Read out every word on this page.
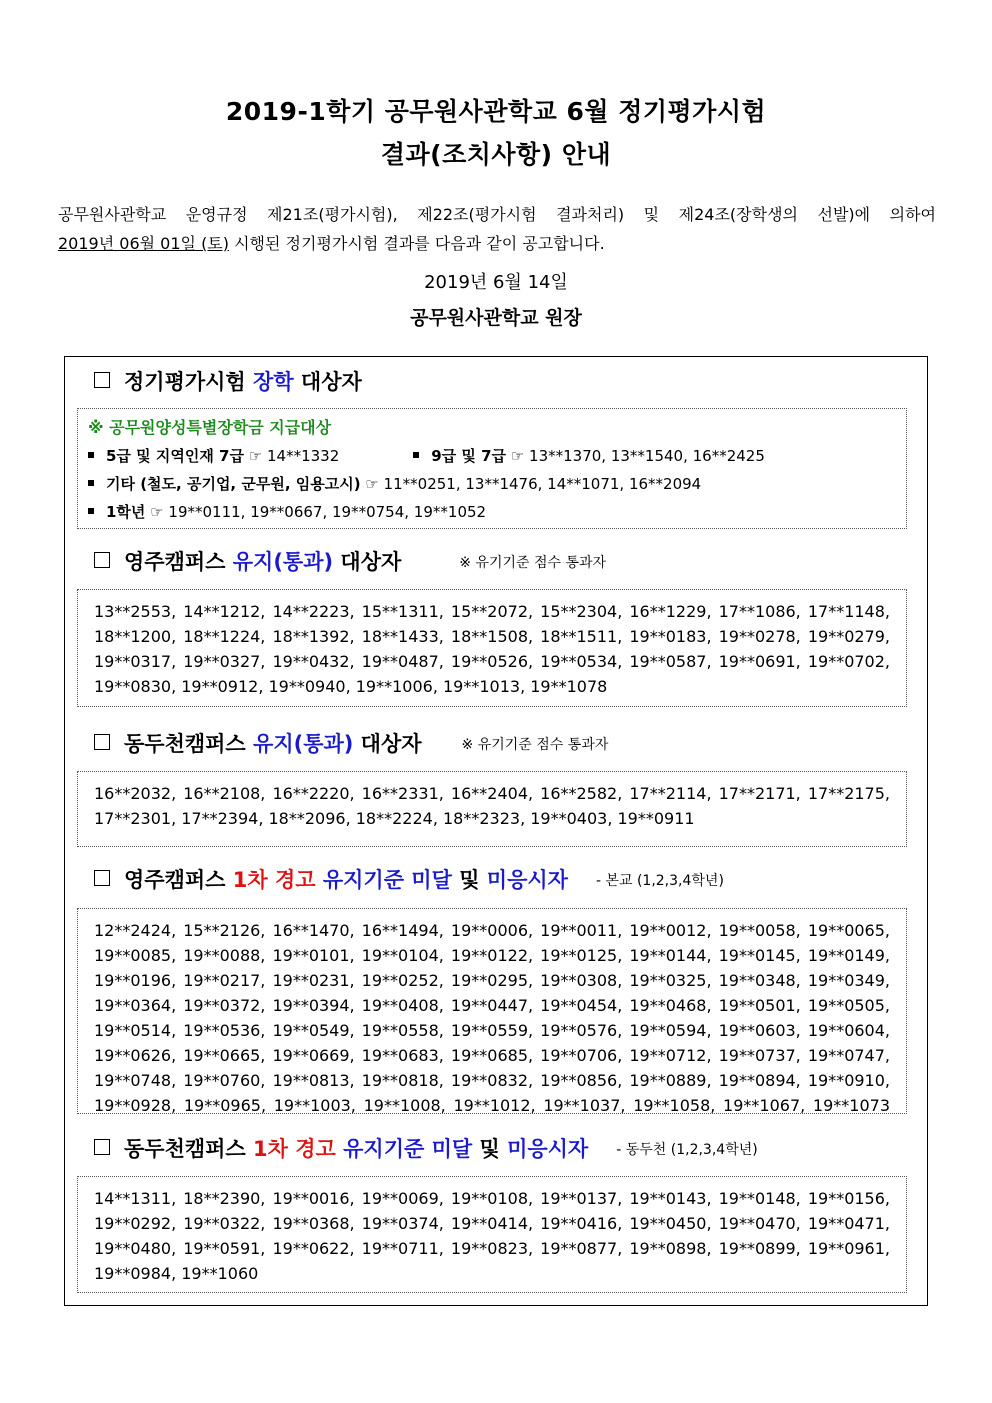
2019-1학기 공무원사관학교 6월 정기평가시험
결과(조치사항) 안내
공무원사관학교 운영규정 제21조(평가시험), 제22조(평가시험 결과처리) 및 제24조(장학생의 선발)에 의하여
2019년 06월 01일 (토) 시행된 정기평가시험 결과를 다음과 같이 공고합니다.
2019년 6월 14일
공무원사관학교 원장
정기평가시험 장학 대상자
※ 공무원양성특별장학금 지급대상
5급 및 지역인재 7급 ☞ 14**1332	9급 및 7급 ☞ 13**1370, 13**1540, 16**2425
기타 (철도, 공기업, 군무원, 임용고시) ☞ 11**0251, 13**1476, 14**1071, 16**2094
1학년 ☞ 19**0111, 19**0667, 19**0754, 19**1052
영주캠퍼스 유지(통과) 대상자	※ 유기기준 점수 통과자
13**2553, 14**1212, 14**2223, 15**1311, 15**2072, 15**2304, 16**1229, 17**1086, 17**1148,
18**1200, 18**1224, 18**1392, 18**1433, 18**1508, 18**1511, 19**0183, 19**0278, 19**0279,
19**0317, 19**0327, 19**0432, 19**0487, 19**0526, 19**0534, 19**0587, 19**0691, 19**0702,
19**0830, 19**0912, 19**0940, 19**1006, 19**1013, 19**1078
동두천캠퍼스 유지(통과) 대상자	※ 유기기준 점수 통과자
16**2032, 16**2108, 16**2220, 16**2331, 16**2404, 16**2582, 17**2114, 17**2171, 17**2175,
17**2301, 17**2394, 18**2096, 18**2224, 18**2323, 19**0403, 19**0911
영주캠퍼스 1차 경고 유지기준 미달 및 미응시자 - 본교 (1,2,3,4학년)
12**2424, 15**2126, 16**1470, 16**1494, 19**0006, 19**0011, 19**0012, 19**0058, 19**0065,
19**0085, 19**0088, 19**0101, 19**0104, 19**0122, 19**0125, 19**0144, 19**0145, 19**0149,
19**0196, 19**0217, 19**0231, 19**0252, 19**0295, 19**0308, 19**0325, 19**0348, 19**0349,
19**0364, 19**0372, 19**0394, 19**0408, 19**0447, 19**0454, 19**0468, 19**0501, 19**0505,
19**0514, 19**0536, 19**0549, 19**0558, 19**0559, 19**0576, 19**0594, 19**0603, 19**0604,
19**0626, 19**0665, 19**0669, 19**0683, 19**0685, 19**0706, 19**0712, 19**0737, 19**0747,
19**0748, 19**0760, 19**0813, 19**0818, 19**0832, 19**0856, 19**0889, 19**0894, 19**0910,
19**0928, 19**0965, 19**1003, 19**1008, 19**1012, 19**1037, 19**1058, 19**1067, 19**1073
동두천캠퍼스 1차 경고 유지기준 미달 및 미응시자 - 동두천 (1,2,3,4학년)
14**1311, 18**2390, 19**0016, 19**0069, 19**0108, 19**0137, 19**0143, 19**0148, 19**0156,
19**0292, 19**0322, 19**0368, 19**0374, 19**0414, 19**0416, 19**0450, 19**0470, 19**0471,
19**0480, 19**0591, 19**0622, 19**0711, 19**0823, 19**0877, 19**0898, 19**0899, 19**0961,
19**0984, 19**1060
